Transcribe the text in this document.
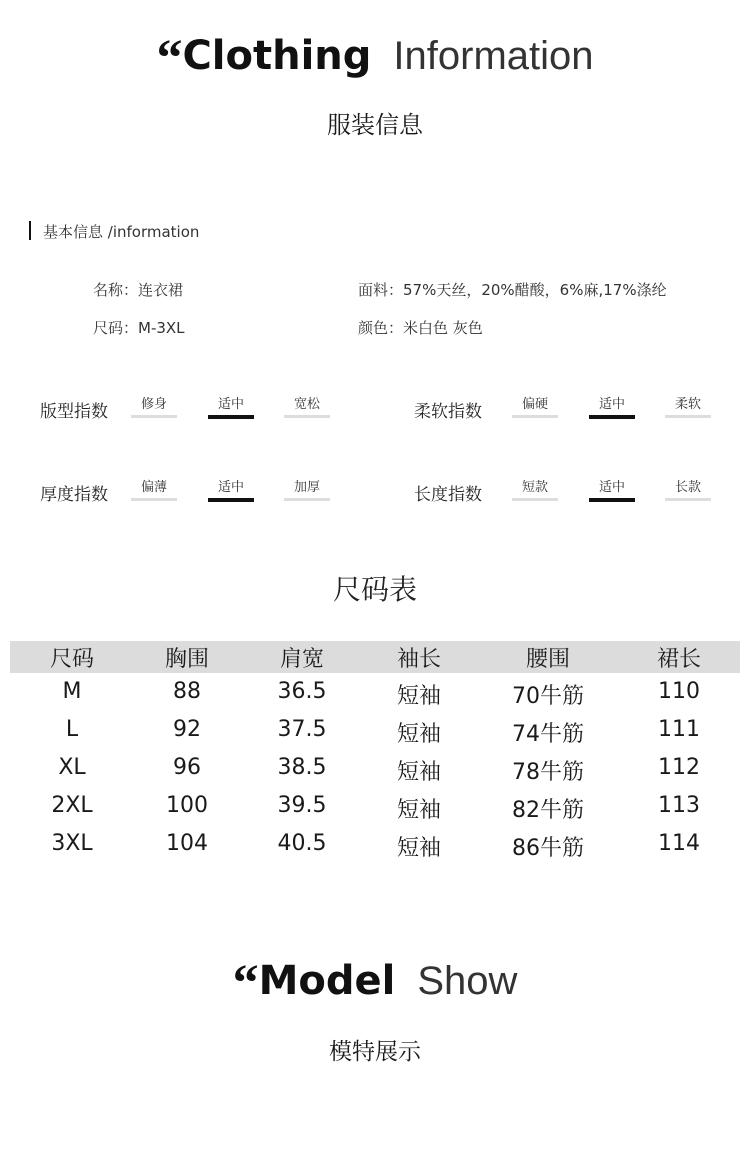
“Clothing Information
服装信息
基本信息 /information
名称：连衣裙
尺码：M-3XL
面料：57%天丝，20%醋酸，6%麻,17%涤纶
颜色：米白色 灰色
版型指数	修身	适中	宽松	柔软指数	偏硬	适中	柔软
厚度指数	偏薄	适中	加厚	长度指数	短款	适中	长款
尺码表
尺码	胸围	肩宽	袖长	腰围	裙长
M	88	36.5	短袖	70牛筋	110
L	92	37.5	短袖	74牛筋	111
XL	96	38.5	短袖	78牛筋	112
2XL	100	39.5	短袖	82牛筋	113
3XL	104	40.5	短袖	86牛筋	114
“Model Show
模特展示
